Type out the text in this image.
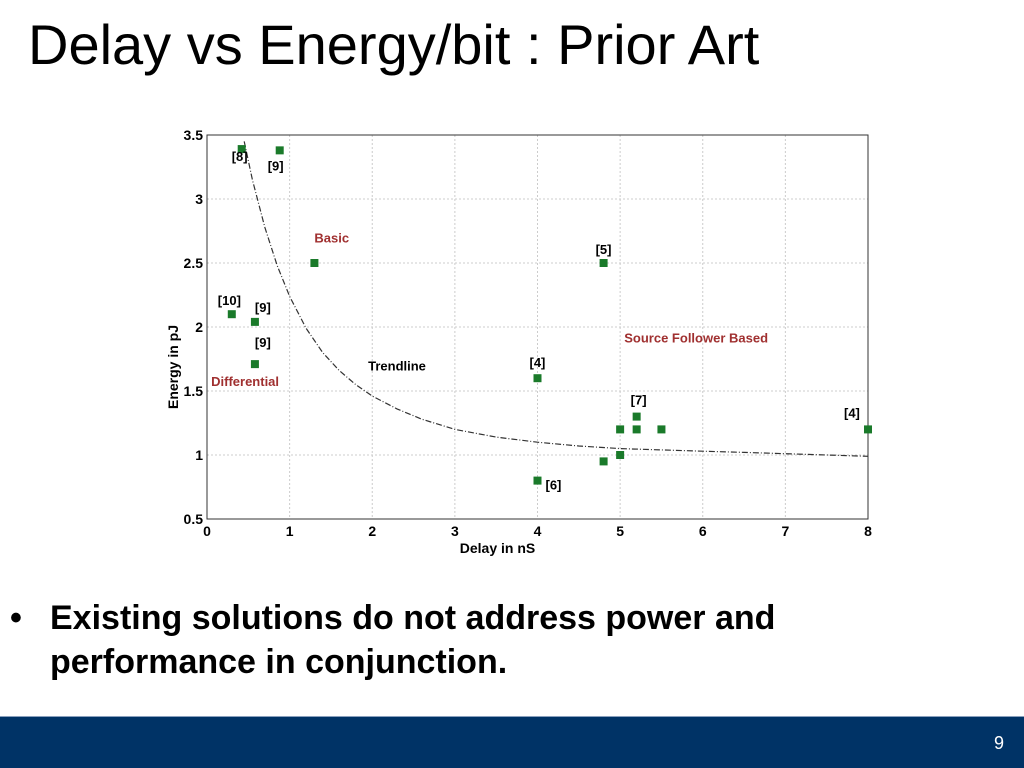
Delay vs Energy/bit : Prior Art
0	1	2	3	4	5	6	7	8
0.5
1
1.5
2
2.5
3
3.5
[8]
[9]
[10] [9]
[9]
[5]
[4]
[7]
[4]
[6]
Basic
Differential
Source Follower Based
Trendline
Delay in nS
Energy in pJ
• Existing solutions do not address power and performance in conjunction.
9
